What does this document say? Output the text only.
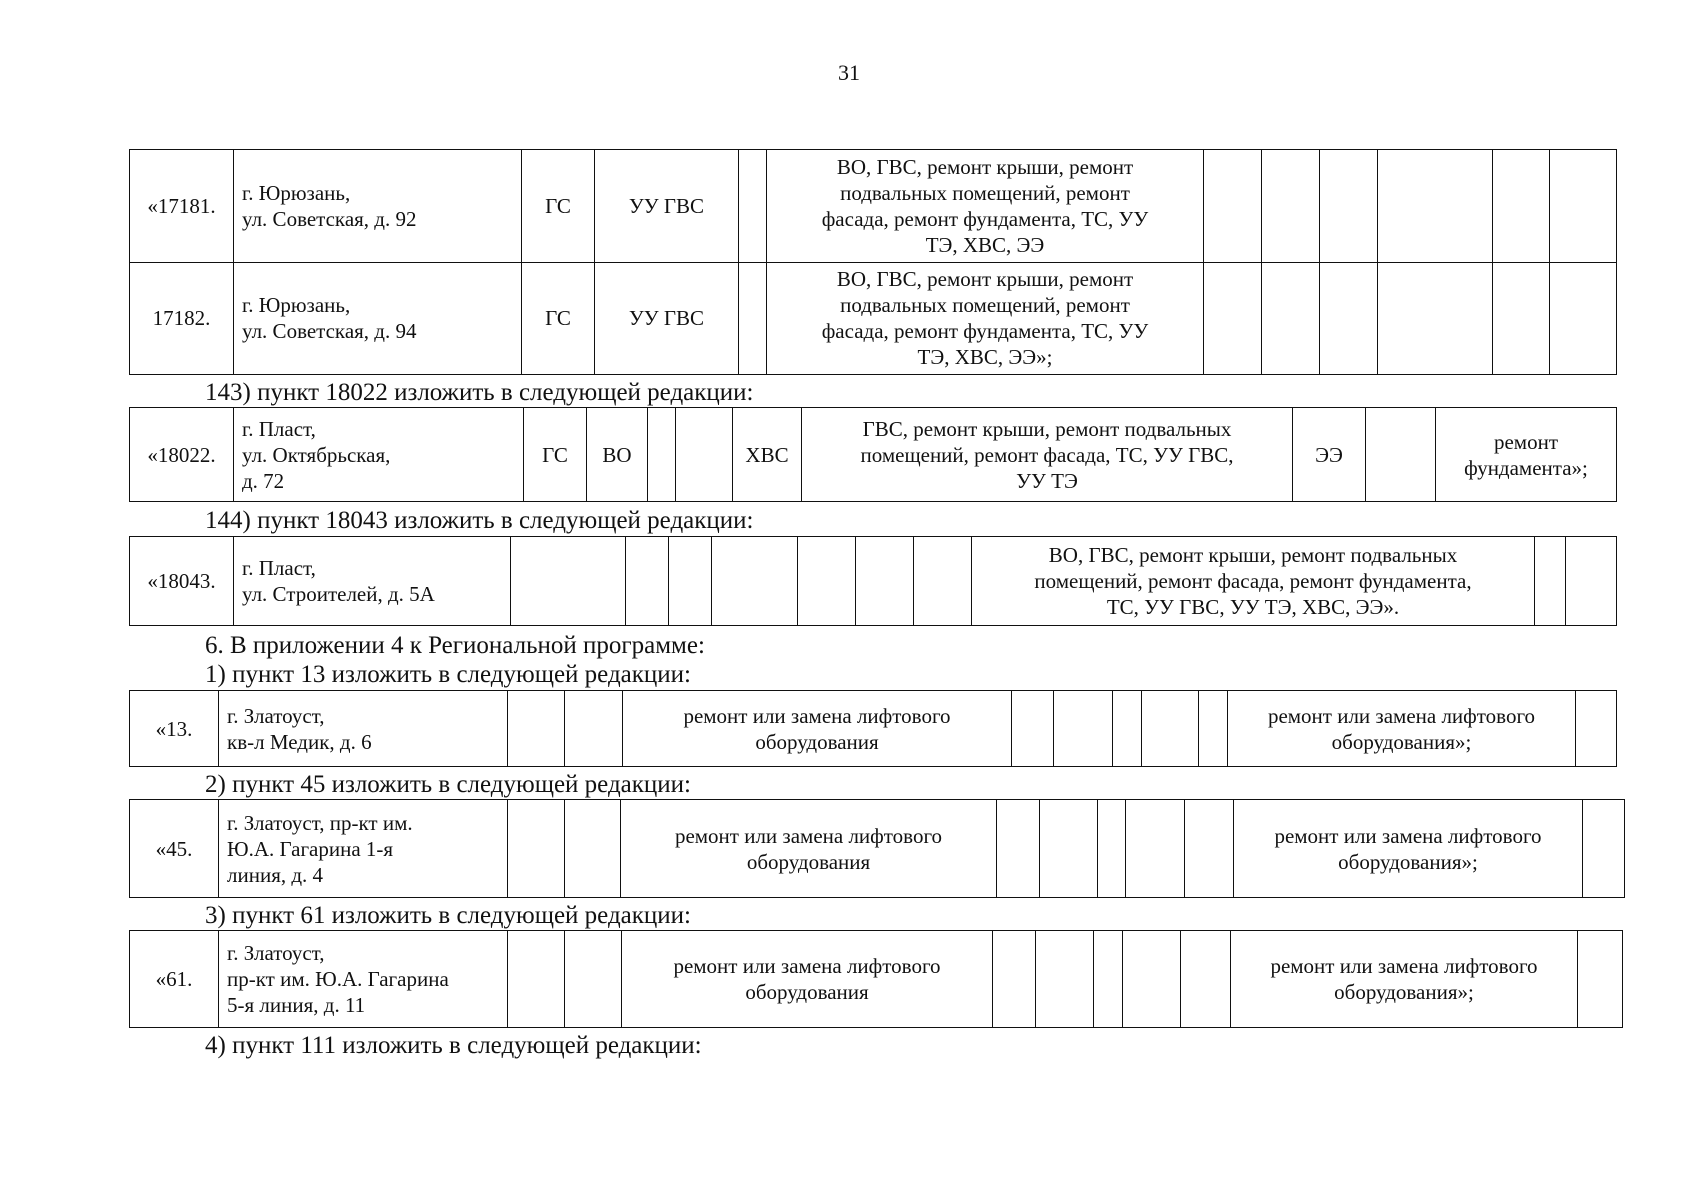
31
«17181.	г. Юрюзань,
ул. Советская, д. 92	ГС	УУ ГВС		ВО, ГВС, ремонт крыши, ремонт
подвальных помещений, ремонт
фасада, ремонт фундамента, ТС, УУ
ТЭ, ХВС, ЭЭ						
17182.	г. Юрюзань,
ул. Советская, д. 94	ГС	УУ ГВС		ВО, ГВС, ремонт крыши, ремонт
подвальных помещений, ремонт
фасада, ремонт фундамента, ТС, УУ
ТЭ, ХВС, ЭЭ»;						
143) пункт 18022 изложить в следующей редакции:
«18022.	г. Пласт,
ул. Октябрьская,
д. 72	ГС	ВО			ХВС	ГВС, ремонт крыши, ремонт подвальных
помещений, ремонт фасада, ТС, УУ ГВС,
УУ ТЭ	ЭЭ		ремонт
фундамента»;
144) пункт 18043 изложить в следующей редакции:
«18043.	г. Пласт,
ул. Строителей, д. 5А								ВО, ГВС, ремонт крыши, ремонт подвальных
помещений, ремонт фасада, ремонт фундамента,
ТС, УУ ГВС, УУ ТЭ, ХВС, ЭЭ».		
6. В приложении 4 к Региональной программе:
1) пункт 13 изложить в следующей редакции:
«13.	г. Златоуст,
кв-л Медик, д. 6			ремонт или замена лифтового
оборудования						ремонт или замена лифтового
оборудования»;	
2) пункт 45 изложить в следующей редакции:
«45.	г. Златоуст, пр-кт им.
Ю.А. Гагарина 1-я
линия, д. 4			ремонт или замена лифтового
оборудования						ремонт или замена лифтового
оборудования»;	
3) пункт 61 изложить в следующей редакции:
«61.	г. Златоуст,
пр-кт им. Ю.А. Гагарина
5-я линия, д. 11			ремонт или замена лифтового
оборудования						ремонт или замена лифтового
оборудования»;	
4) пункт 111 изложить в следующей редакции:
